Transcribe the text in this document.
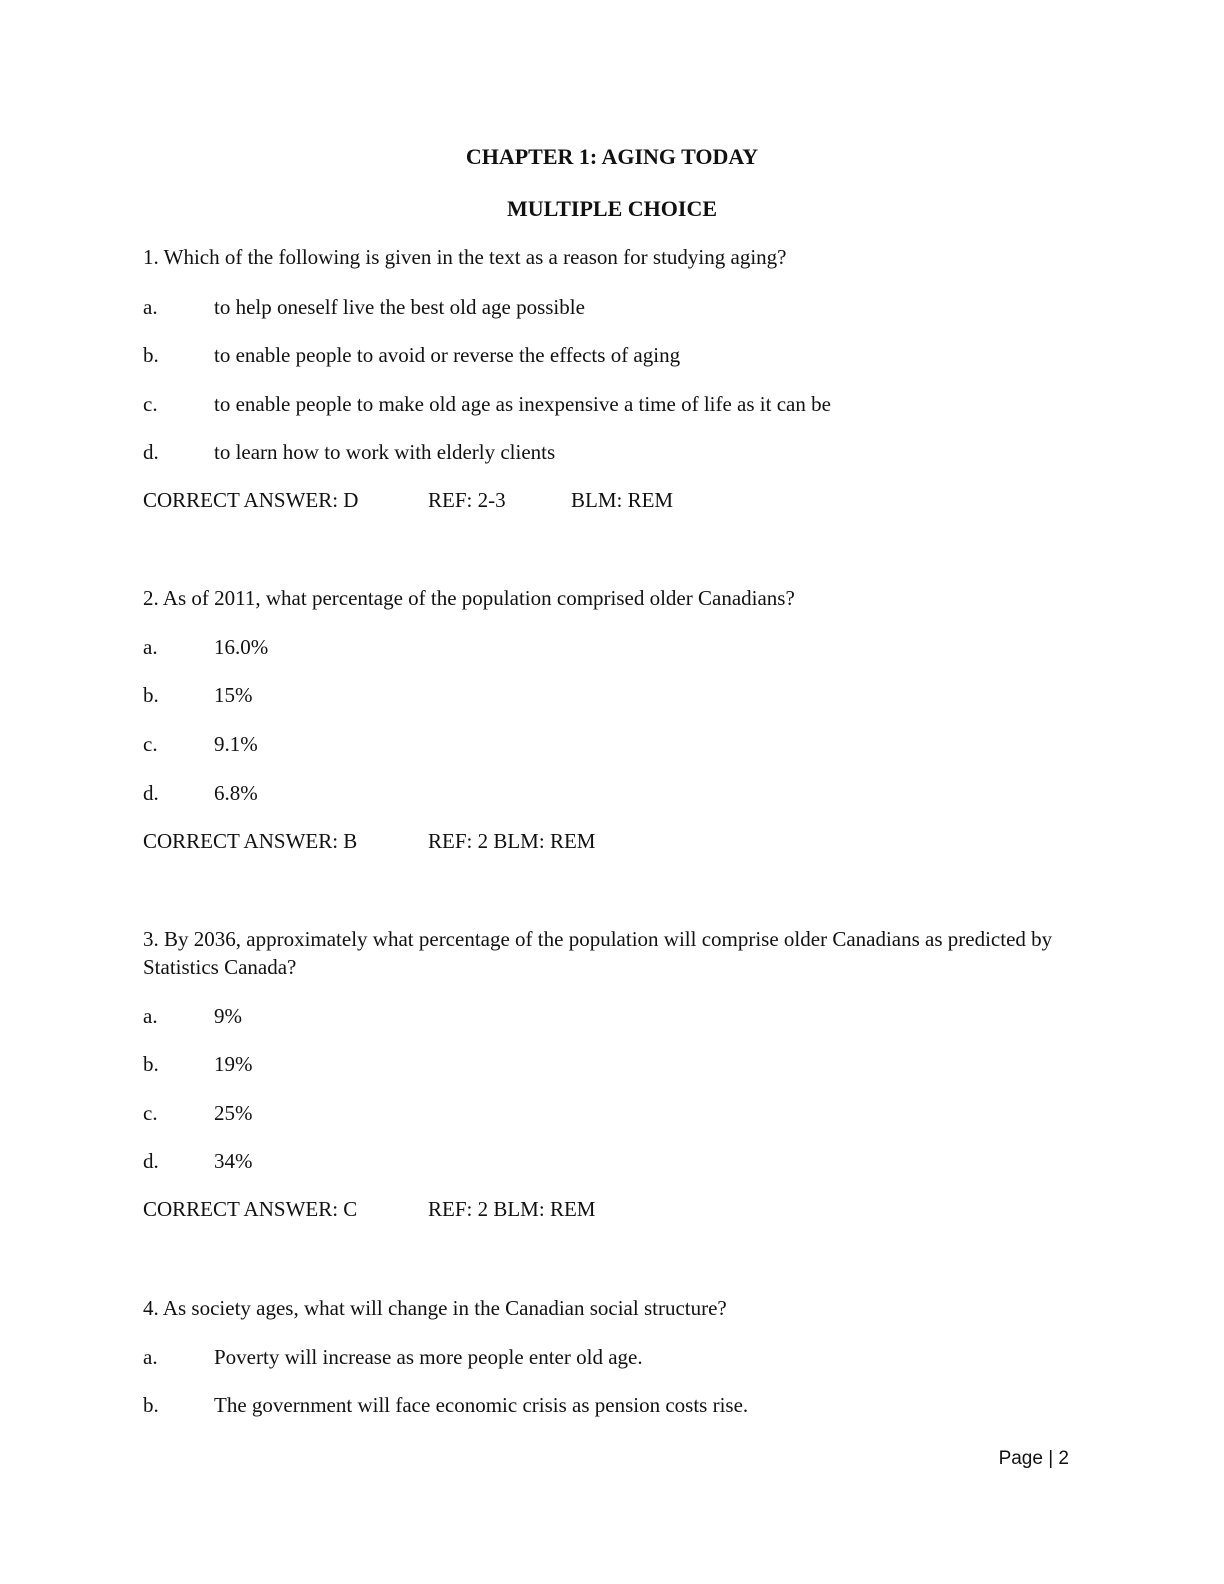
CHAPTER 1: AGING TODAY
MULTIPLE CHOICE
1. Which of the following is given in the text as a reason for studying aging?
a.	to help oneself live the best old age possible
b.	to enable people to avoid or reverse the effects of aging
c.	to enable people to make old age as inexpensive a time of life as it can be
d.	to learn how to work with elderly clients
CORRECT ANSWER: D	REF: 2-3	BLM: REM
2. As of 2011, what percentage of the population comprised older Canadians?
a.	16.0%
b.	15%
c.	9.1%
d.	6.8%
CORRECT ANSWER: B	REF: 2 BLM: REM
3. By 2036, approximately what percentage of the population will comprise older Canadians as predicted by Statistics Canada?
a.	9%
b.	19%
c.	25%
d.	34%
CORRECT ANSWER: C	REF: 2 BLM: REM
4. As society ages, what will change in the Canadian social structure?
a.	Poverty will increase as more people enter old age.
b.	The government will face economic crisis as pension costs rise.
Page | 2
